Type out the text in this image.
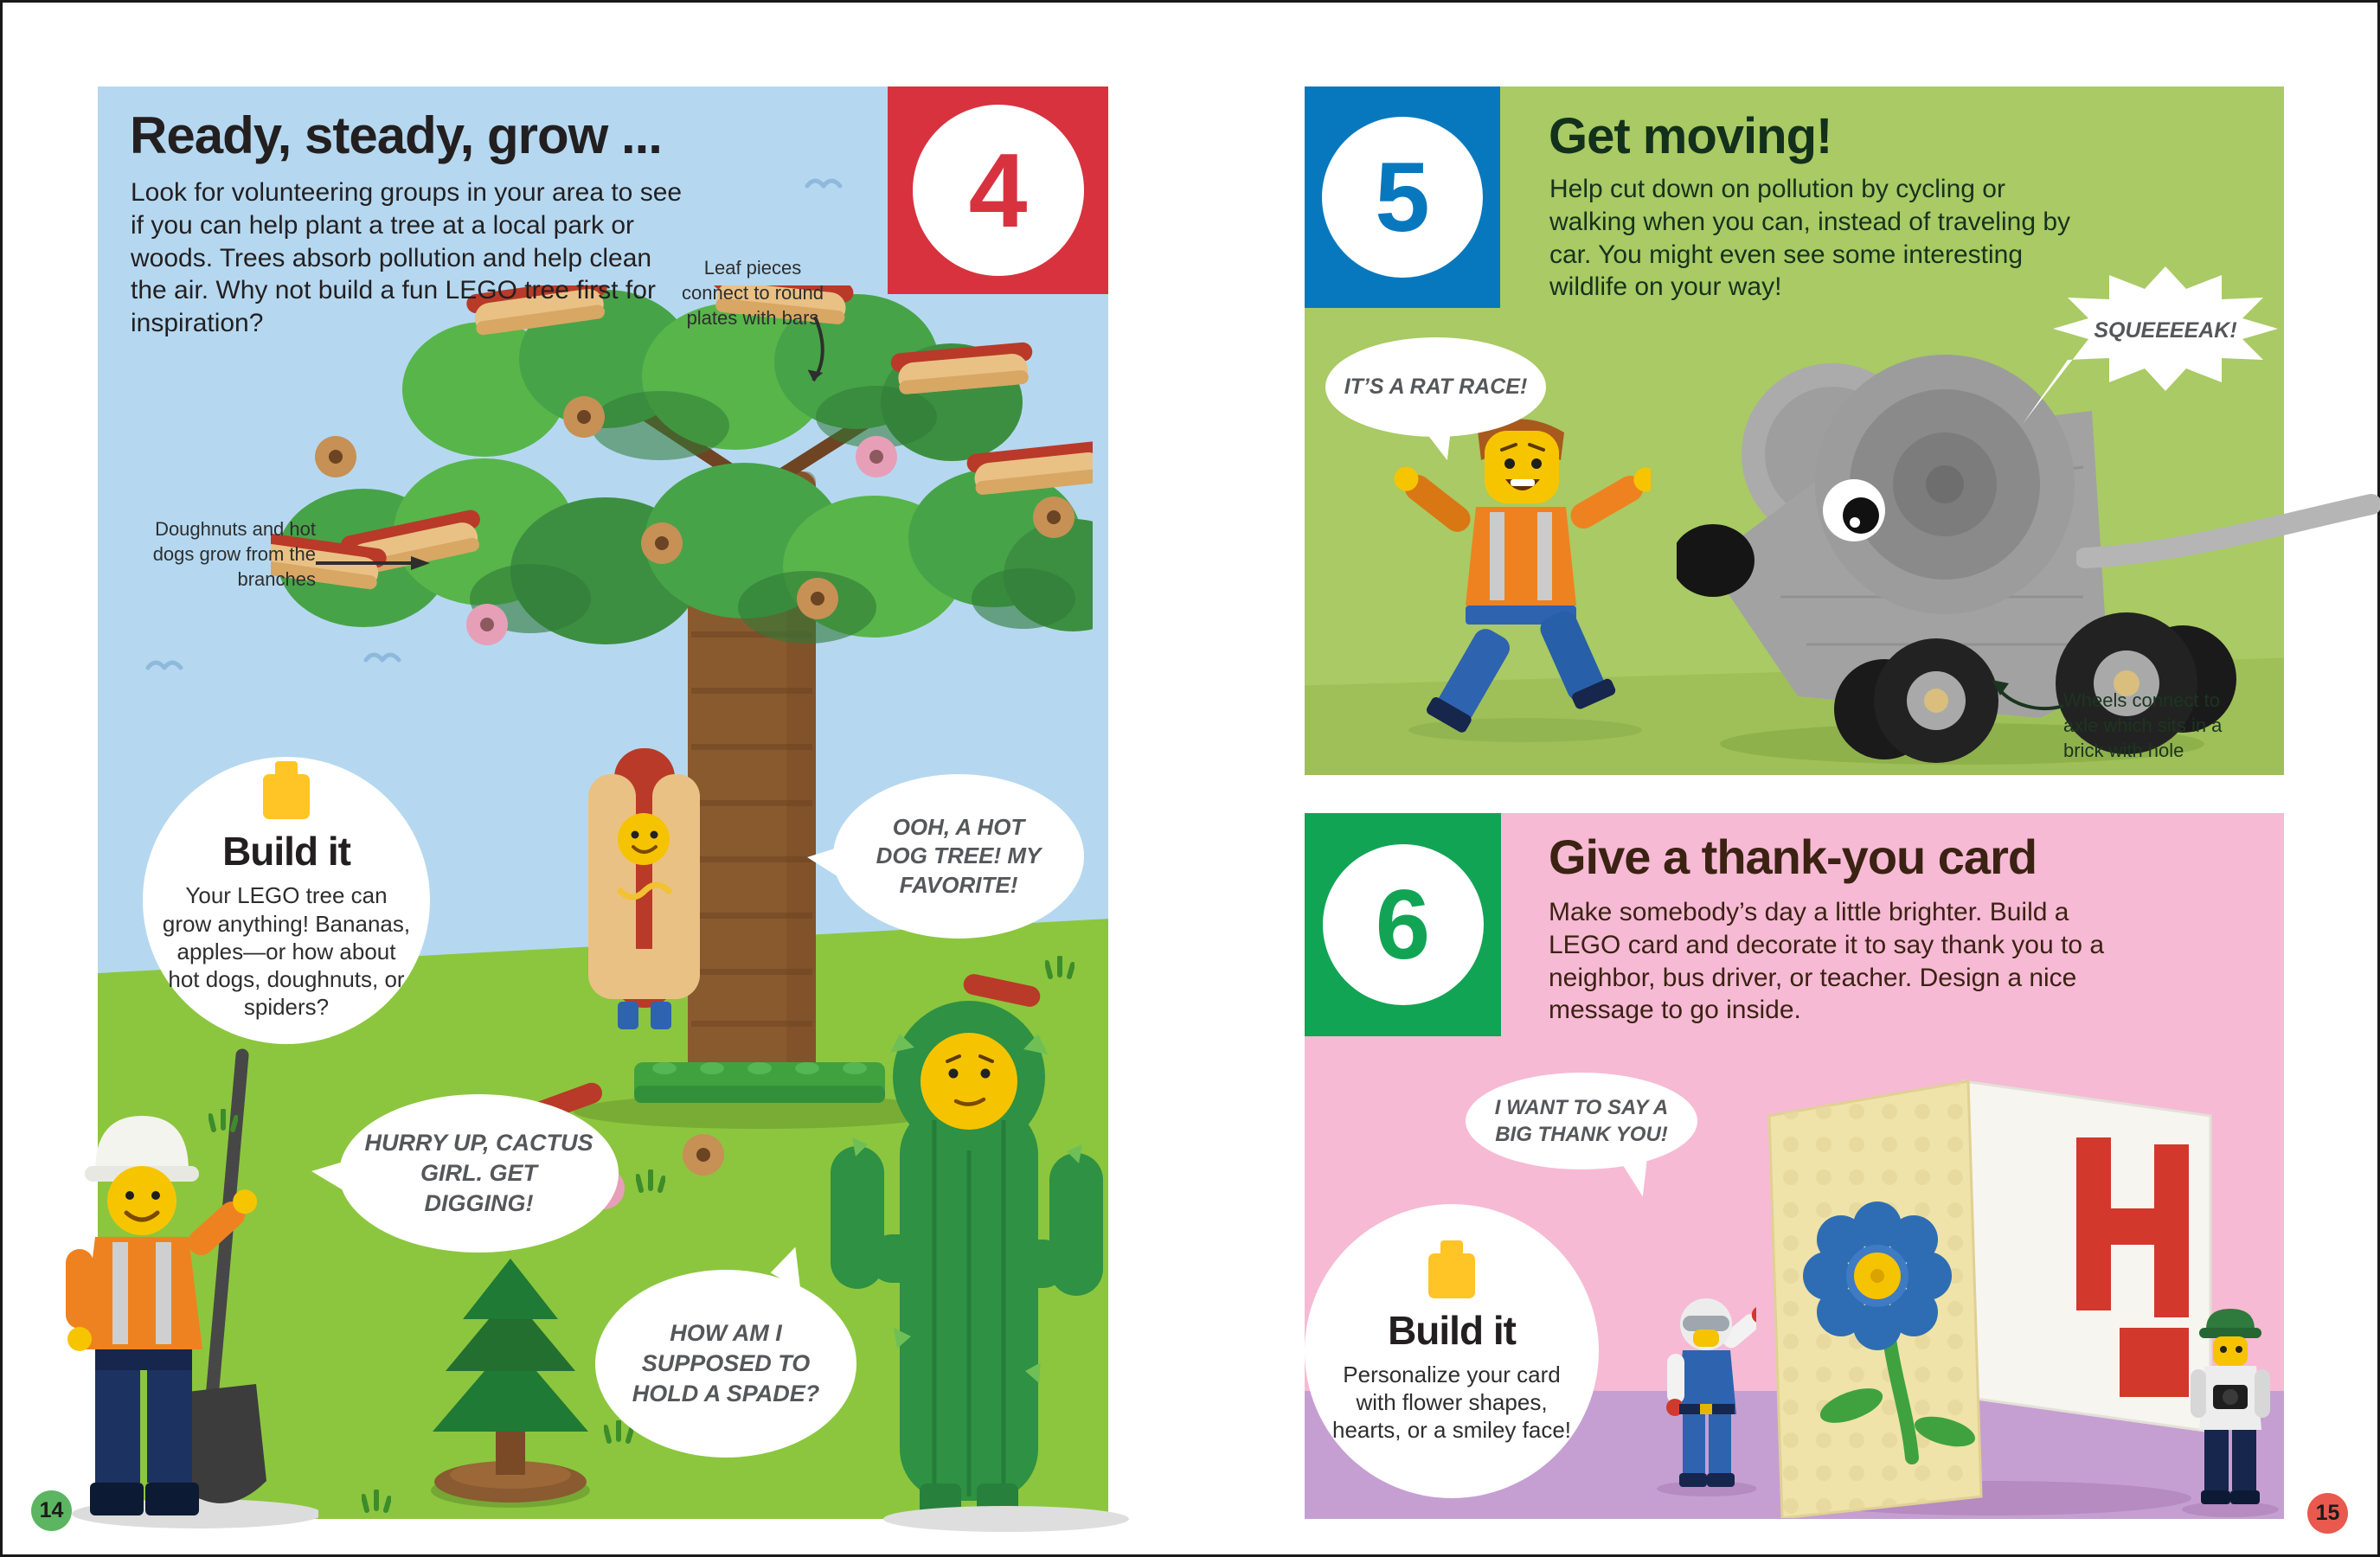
Leaf pieces connect to round plates with bars
Doughnuts and hot dogs grow from the branches
OOH, A HOT DOG TREE! MY FAVORITE!
HURRY UP, CACTUS GIRL. GET DIGGING!
HOW AM I SUPPOSED TO HOLD A SPADE?
Build it

Your LEGO tree can grow anything! Bananas, apples—or how about hot dogs, doughnuts, or spiders?

4
Ready, steady, grow ...
Look for volunteering groups in your area to see if you can help plant a tree at a local park or woods. Trees absorb pollution and help clean the air. Why not build a fun LEGO tree first for inspiration?
IT’S A RAT RACE!
SQUEEEEAK!
Wheels connect to axle which sits in a brick with hole
5
Get moving!
Help cut down on pollution by cycling or walking when you can, instead of traveling by car. You might even see some interesting wildlife on your way!
I WANT TO SAY A BIG THANK YOU!
Build it

Personalize your card with flower shapes, hearts, or a smiley face!

6
Give a thank-you card
Make somebody’s day a little brighter. Build a LEGO card and decorate it to say thank you to a neighbor, bus driver, or teacher. Design a nice message to go inside.
14	15
